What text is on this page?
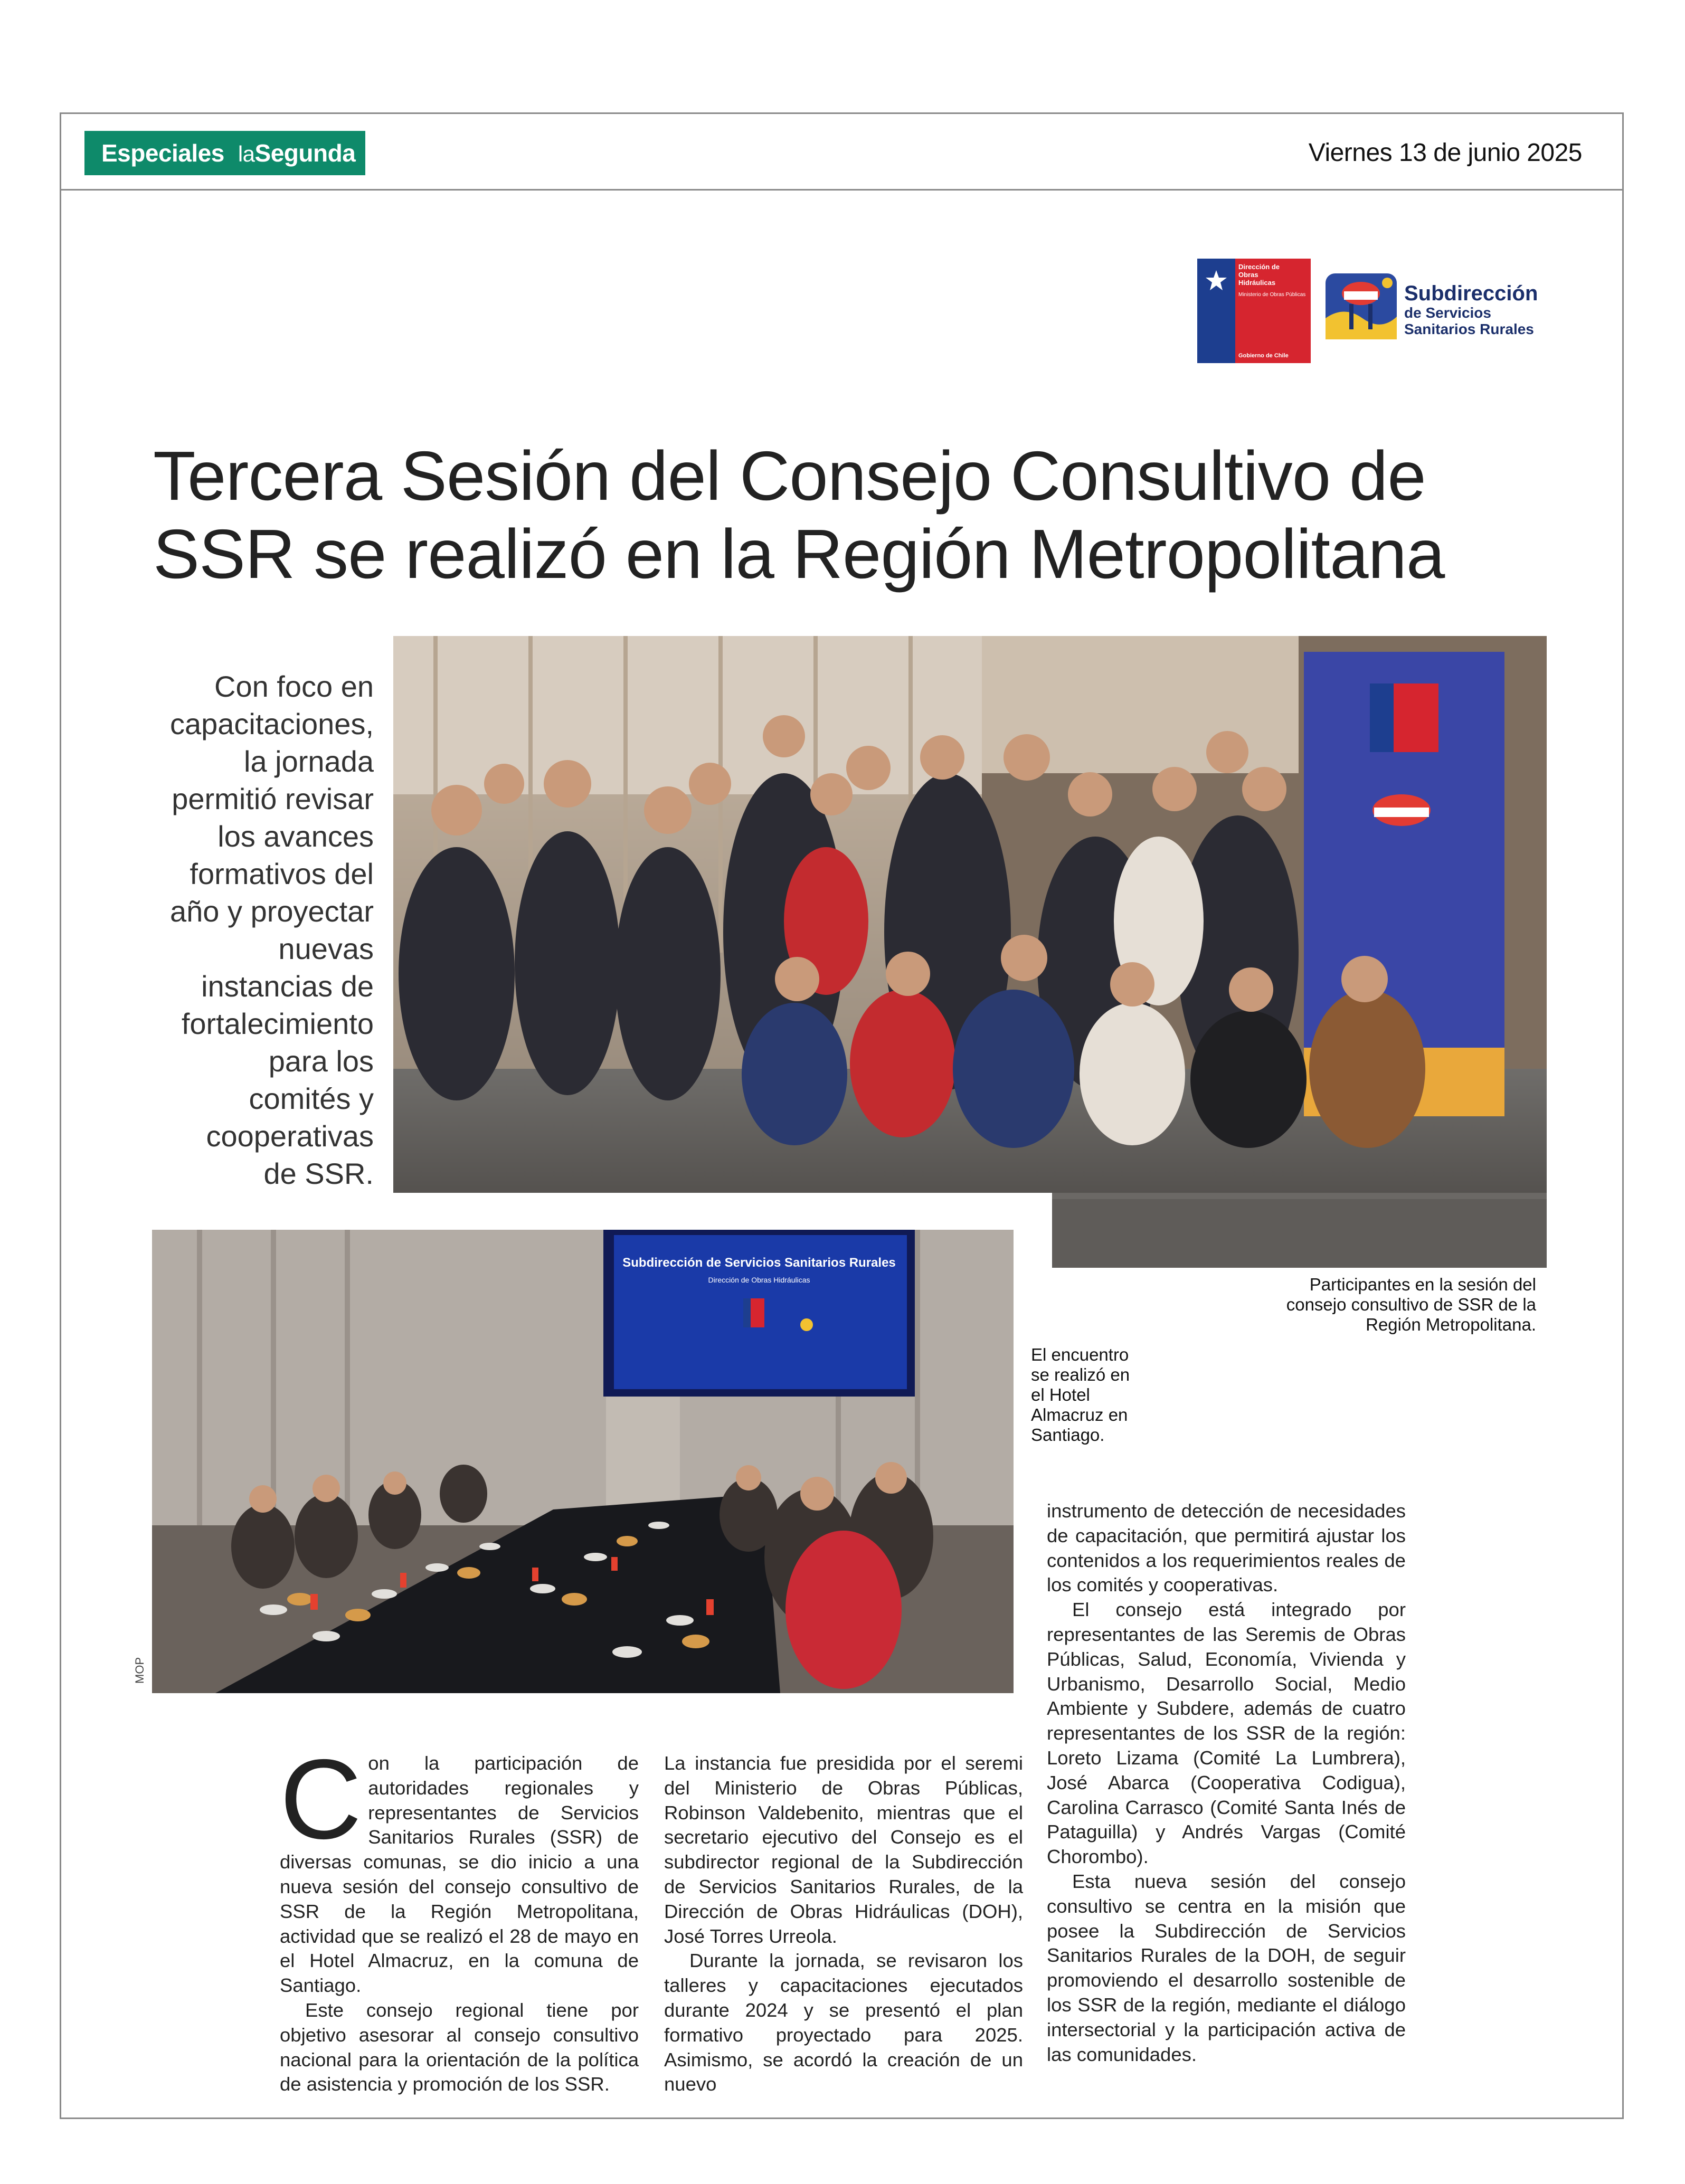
Especiales laSegunda	Viernes 13 de junio 2025
Dirección de
Obras
Hidráulicas
Ministerio de Obras Públicas
Gobierno de Chile
Subdirección
de Servicios
Sanitarios Rurales
Tercera Sesión del Consejo Consultivo de
SSR se realizó en la Región Metropolitana
Con foco en
capacitaciones,
la jornada
permitió revisar
los avances
formativos del
año y proyectar
nuevas
instancias de
fortalecimiento
para los
comités y
cooperativas
de SSR.
Participantes en la sesión del
consejo consultivo de SSR de la
Región Metropolitana.
Subdirección de Servicios Sanitarios Rurales
Dirección de Obras Hidráulicas
El encuentro
se realizó en
el Hotel
Almacruz en
Santiago.
MOP

Con la participación de autoridades regionales y representantes de Servicios Sanitarios Rurales (SSR) de diversas comunas, se dio inicio a una nueva sesión del consejo consultivo de SSR de la Región Metropolitana, actividad que se realizó el 28 de mayo en el Hotel Almacruz, en la comuna de Santiago.

Este consejo regional tiene por objetivo asesorar al consejo consultivo nacional para la orientación de la política de asistencia y promoción de los SSR.

La instancia fue presidida por el seremi del Ministerio de Obras Públicas, Robinson Valdebenito, mientras que el secretario ejecutivo del Consejo es el subdirector regional de la Subdirección de Servicios Sanitarios Rurales, de la Dirección de Obras Hidráulicas (DOH), José Torres Urreola.

Durante la jornada, se revisaron los talleres y capacitaciones ejecutados durante 2024 y se presentó el plan formativo proyectado para 2025. Asimismo, se acordó la creación de un nuevo

instrumento de detección de necesidades de capacitación, que permitirá ajustar los contenidos a los requerimientos reales de los comités y cooperativas.

El consejo está integrado por representantes de las Seremis de Obras Públicas, Salud, Economía, Vivienda y Urbanismo, Desarrollo Social, Medio Ambiente y Subdere, además de cuatro representantes de los SSR de la región: Loreto Lizama (Comité La Lumbrera), José Abarca (Cooperativa Codigua), Carolina Carrasco (Comité Santa Inés de Pataguilla) y Andrés Vargas (Comité Chorombo).

Esta nueva sesión del consejo consultivo se centra en la misión que posee la Subdirección de Servicios Sanitarios Rurales de la DOH, de seguir promoviendo el desarrollo sostenible de los SSR de la región, mediante el diálogo intersectorial y la participación activa de las comunidades.
